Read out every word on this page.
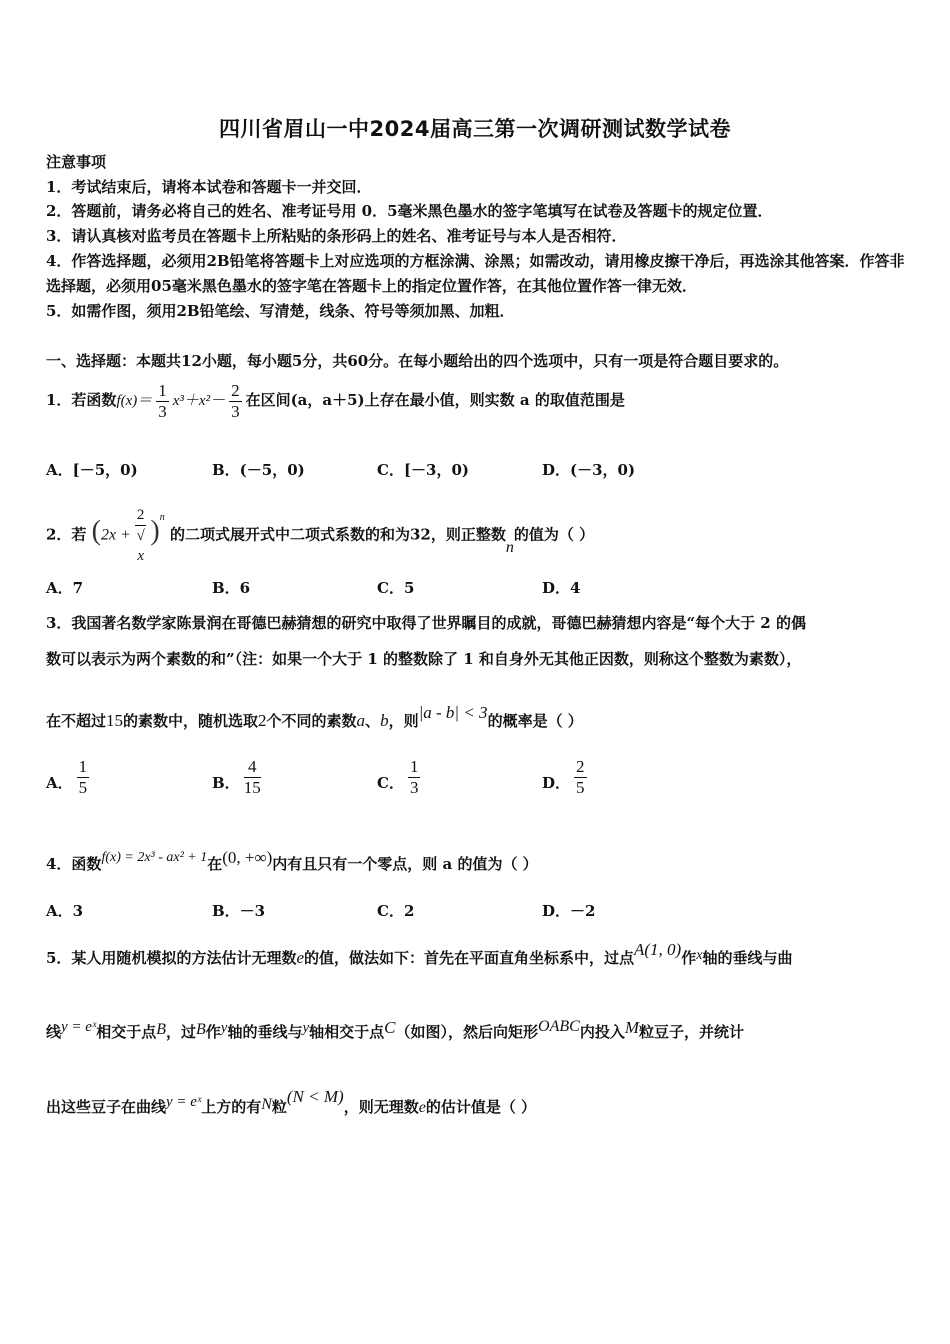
四川省眉山一中2024届高三第一次调研测试数学试卷
注意事项
1．考试结束后，请将本试卷和答题卡一并交回．
2．答题前，请务必将自己的姓名、准考证号用 0．5毫米黑色墨水的签字笔填写在试卷及答题卡的规定位置．
3．请认真核对监考员在答题卡上所粘贴的条形码上的姓名、准考证号与本人是否相符．
4．作答选择题，必须用2B铅笔将答题卡上对应选项的方框涂满、涂黑；如需改动，请用橡皮擦干净后，再选涂其他答案．作答非选择题，必须用05毫米黑色墨水的签字笔在答题卡上的指定位置作答，在其他位置作答一律无效．
5．如需作图，须用2B铅笔绘、写清楚，线条、符号等须加黑、加粗．
一、选择题：本题共12小题，每小题5分，共60分。在每小题给出的四个选项中，只有一项是符合题目要求的。
1．若函数$f(x)= \frac{1}{3} x^3+x^2- \frac{2}{3}$ 在区间(a，a＋5)上存在最小值，则实数 a 的取值范围是
A．[－5，0)	B．(－5，0)	C．[－3，0)	D．(－3，0)
2．若 (2x + 2
√
x )$^n$ 的二项式展开式中二项式系数的和为32，则正整数n的值为（ ）
A．7	B．6	C．5	D．4
3．我国著名数学家陈景润在哥德巴赫猜想的研究中取得了世界瞩目的成就，哥德巴赫猜想内容是“每个大于 2 的偶
数可以表示为两个素数的和”（注：如果一个大于 1 的整数除了 1 和自身外无其他正因数，则称这个整数为素数），
在不超过15的素数中，随机选取2个不同的素数a、b，则|a - b| < 3的概率是（ ）
A． $\frac{1}{5}$	B． $\frac{4}{15}$	C． $\frac{1}{3}$	D． $\frac{2}{5}$
4．函数f(x) = 2x³ - ax² + 1在(0, +∞)内有且只有一个零点，则 a 的值为（ ）
A．3	B．－3	C．2	D．－2
5．某人用随机模拟的方法估计无理数e的值，做法如下：首先在平面直角坐标系中，过点A(1, 0)作x轴的垂线与曲
线y = eˣ相交于点B，过B作y轴的垂线与y轴相交于点C（如图），然后向矩形OABC内投入M粒豆子，并统计
出这些豆子在曲线y = eˣ上方的有N粒(N < M)，则无理数e的估计值是（ ）
